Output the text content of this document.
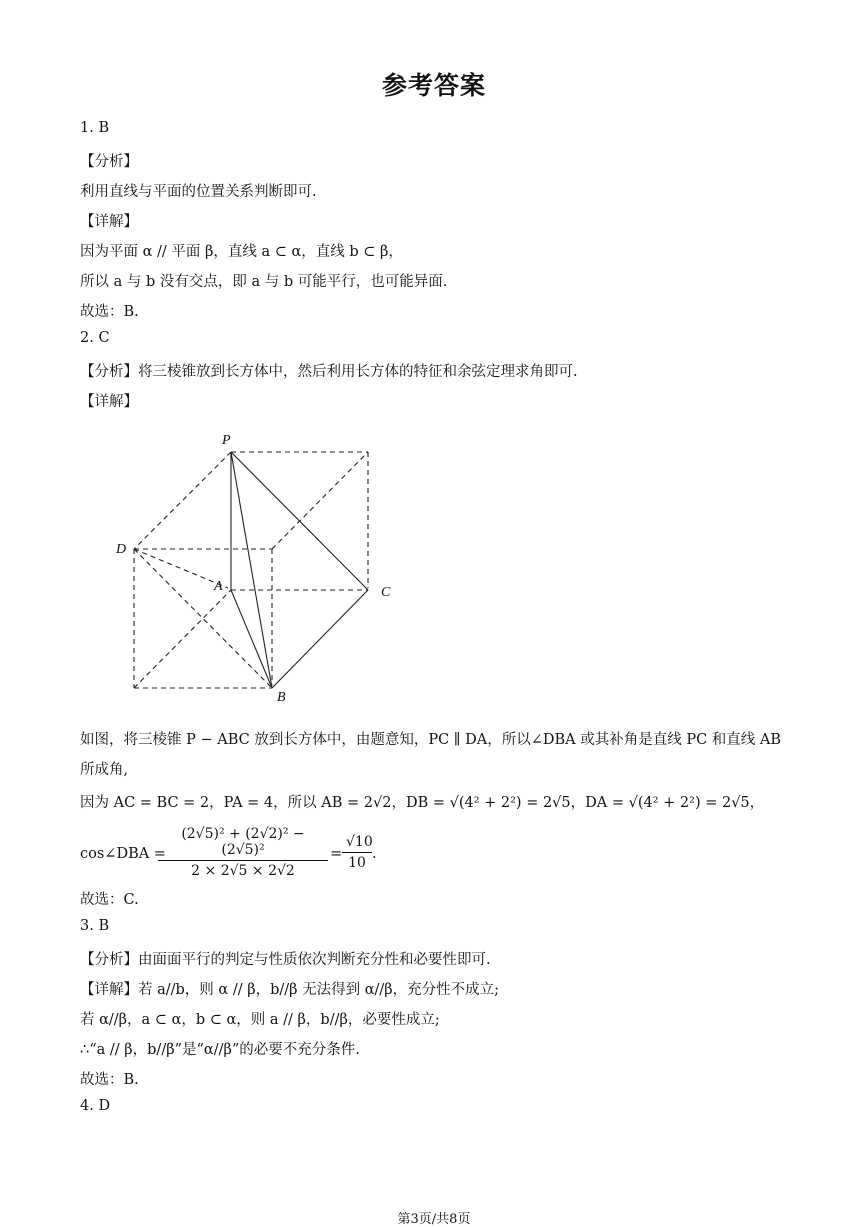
参考答案
1. B
【分析】
利用直线与平面的位置关系判断即可.
【详解】
因为平面 α // 平面 β，直线 a ⊂ α，直线 b ⊂ β，
所以 a 与 b 没有交点，即 a 与 b 可能平行，也可能异面.
故选：B.
2. C
【分析】将三棱锥放到长方体中，然后利用长方体的特征和余弦定理求角即可.
【详解】
P
D
A	C
B
如图，将三棱锥 P − ABC 放到长方体中，由题意知，PC ∥ DA，所以∠DBA 或其补角是直线 PC 和直线 AB
所成角,
因为 AC = BC = 2，PA = 4，所以 AB = 2√2，DB = √(4² + 2²) = 2√5，DA = √(4² + 2²) = 2√5，
cos∠DBA =
$\frac{\text{(2√5)² + (2√2)² − (2√5)²}}{2 \times 2√5 \times 2√2} = \frac{√10}{10}$ .
故选：C.
3. B
【分析】由面面平行的判定与性质依次判断充分性和必要性即可.
【详解】若 a//b，则 α // β，b//β 无法得到 α//β，充分性不成立;
若 α//β，a ⊂ α，b ⊂ α，则 a // β，b//β，必要性成立;
∴“a // β，b//β”是“α//β”的必要不充分条件.
故选：B.
4. D
第3页/共8页
